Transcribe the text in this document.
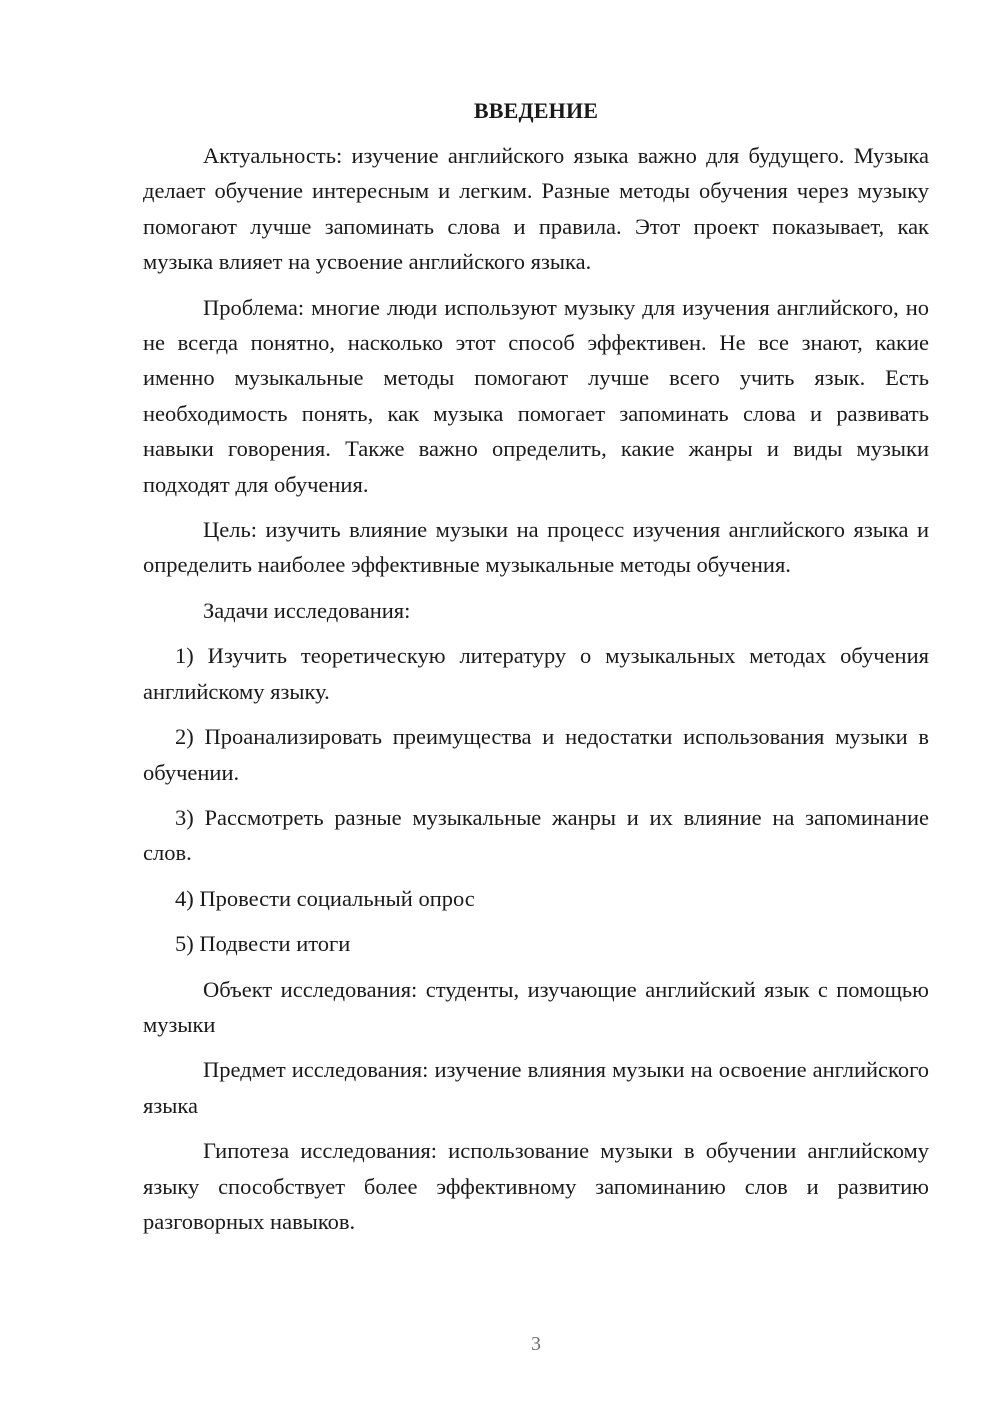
ВВЕДЕНИЕ

Актуальность: изучение английского языка важно для будущего. Музыка делает обучение интересным и легким. Разные методы обучения через музыку помогают лучше запоминать слова и правила. Этот проект показывает, как музыка влияет на усвоение английского языка.

Проблема: многие люди используют музыку для изучения английского, но не всегда понятно, насколько этот способ эффективен. Не все знают, какие именно музыкальные методы помогают лучше всего учить язык. Есть необходимость понять, как музыка помогает запоминать слова и развивать навыки говорения. Также важно определить, какие жанры и виды музыки подходят для обучения.

Цель: изучить влияние музыки на процесс изучения английского языка и определить наиболее эффективные музыкальные методы обучения.

Задачи исследования:

1) Изучить теоретическую литературу о музыкальных методах обучения английскому языку.

2) Проанализировать преимущества и недостатки использования музыки в обучении.

3) Рассмотреть разные музыкальные жанры и их влияние на запоминание слов.

4) Провести социальный опрос

5) Подвести итоги

Объект исследования: студенты, изучающие английский язык с помощью музыки

Предмет исследования: изучение влияния музыки на освоение английского языка

Гипотеза исследования: использование музыки в обучении английскому языку способствует более эффективному запоминанию слов и развитию разговорных навыков.

3
